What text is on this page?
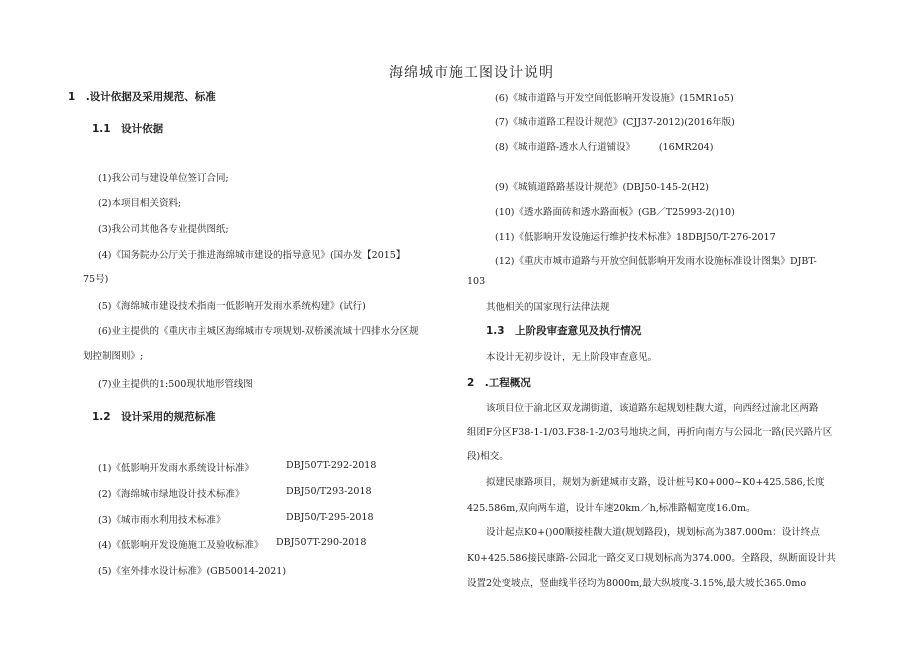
海绵城市施工图设计说明
1　.设计依据及采用规范、标准
1.1　设计依据
(1)我公司与建设单位签订合同;
(2)本项目相关资料;
(3)我公司其他各专业提供图纸;
(4)《国务院办公厅关于推进海绵城市建设的指导意见》(国办发【2015】
75号)
(5)《海绵城市建设技术指南一低影响开发雨水系统构建》(试行)
(6)业主提供的《重庆市主城区海绵城市专项规划-双桥溪流域十四排水分区规
划控制图则》;
(7)业主提供的1:500现状地形管线图
1.2　设计采用的规范标准
(1)《低影响开发雨水系统设计标准》	DBJ507T-292-2018
(2)《海绵城市绿地设计技术标准》	DBJ50/T293-2018
(3)《城市雨水利用技术标准》	DBJ50/T-295-2018
(4)《低影响开发设施施工及验收标准》 DBJ507T-290-2018
(5)《室外排水设计标准》(GB50014-2021)
(6)《城市道路与开发空间低影响开发设施》(15MR1o5)
(7)《城市道路工程设计规范》(CJJ37-2012)(2016年版)
(8)《城市道路-透水人行道铺设》　　　(16MR204)
(9)《城镇道路路基设计规范》(DBJ50-145-2(H2)
(10)《透水路面砖和透水路面板》(GB／T25993-2()10)
(11)《低影响开发设施运行维护技术标准》18DBJ50/T-276-2017
(12)《重庆市城市道路与开放空间低影响开发雨水设施标准设计图集》DJBT-
103
其他相关的国家现行法律法规
1.3　上阶段审查意见及执行情况
本设计无初步设计，无上阶段审查意见。
2　.工程概况
该项目位于渝北区双龙湖街道，该道路东起规划桂馥大道，向西经过渝北区两路
组团F分区F38-1-1/03.F38-1-2/03号地块之间，再折向南方与公园北一路(民兴路片区
段)相交。
拟建民康路项目，规划为新建城市支路，设计桩号K0+000~K0+425.586,长度
425.586m,双向两车道，设计车速20km／h,标准路幅宽度16.0m。
设计起点K0+()00顺接桂馥大道(规划路段)，规划标高为387.000m：设计终点
K0+425.586接民康路-公园北一路交叉口规划标高为374.000。全路段，纵断面设计共
设置2处变坡点，竖曲线半径均为8000m,最大纵坡度-3.15%,最大坡长365.0mo
